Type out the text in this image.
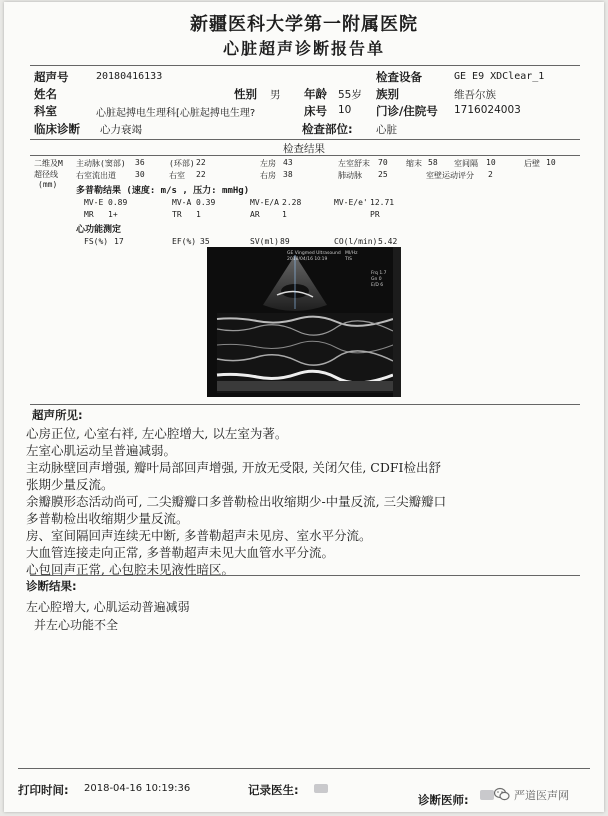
新疆医科大学第一附属医院
心脏超声诊断报告单
超声号	20180416133	检查设备	GE E9 XDClear_1
姓名	性别 男 年龄 55岁 族别	维吾尔族
科室	心脏起搏电生理科[心脏起搏电生理?	床号 10 门诊/住院号 1716024003
临床诊断 心力衰竭	检查部位: 心脏
检查结果
二维及M
超径线
(mm)
主动脉(窦部) 36	(环部) 22	左房 43	左室舒末 70 缩末 58 室间隔 10	后壁 10
右室流出道 30	右室 22	右房 38	肺动脉 25	室壁运动评分 2
多普勒结果 (速度: m/s , 压力: mmHg)
MV-E 0.89	MV-A 0.39	MV-E/A 2.28	MV-E/e' 12.71
MR 1+	TR 1	AR	1	PR
心功能测定
FS(%) 17	EF(%) 35	SV(ml) 89	CO(l/min) 5.42
GE Vingmed Ultrasound MI/Hz
2018/04/16 10:19	TIS
Frq 1.7
Gn 0
E/D 6
超声所见:
心房正位, 心室右袢, 左心腔增大, 以左室为著。
左室心肌运动呈普遍减弱。
主动脉壁回声增强, 瓣叶局部回声增强, 开放无受限, 关闭欠佳, CDFI检出舒
张期少量反流。
余瓣膜形态活动尚可, 二尖瓣瓣口多普勒检出收缩期少-中量反流, 三尖瓣瓣口
多普勒检出收缩期少量反流。
房、室间隔回声连续无中断, 多普勒超声未见房、室水平分流。
大血管连接走向正常, 多普勒超声未见大血管水平分流。
心包回声正常, 心包腔未见液性暗区。
诊断结果:
左心腔增大, 心肌运动普遍减弱
并左心功能不全
打印时间: 2018-04-16 10:19:36	记录医生:
诊断医师:	严道医声网
